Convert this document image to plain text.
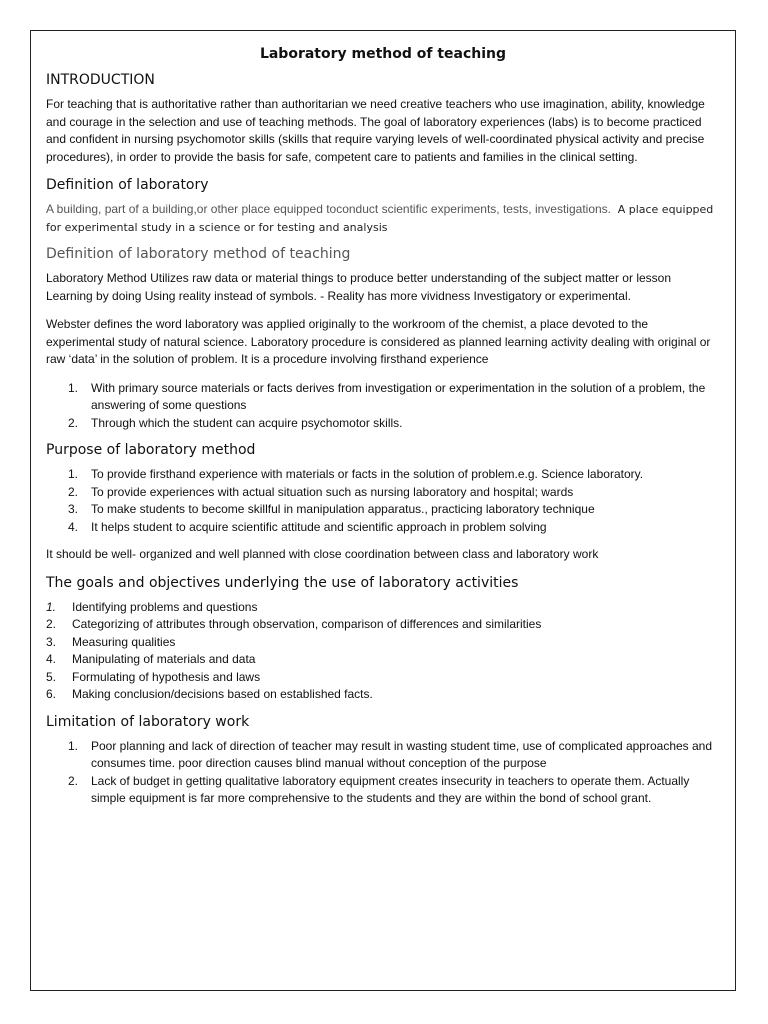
Laboratory method of teaching
INTRODUCTION

For teaching that is authoritative rather than authoritarian we need creative teachers who use imagination, ability, knowledge and courage in the selection and use of teaching methods. The goal of laboratory experiences (labs) is to become practiced and confident in nursing psychomotor skills (skills that require varying levels of well-coordinated physical activity and precise procedures), in order to provide the basis for safe, competent care to patients and families in the clinical setting.

Definition of laboratory

A building, part of a building,or other place equipped toconduct scientific experiments, tests, investigations. A place equipped for experimental study in a science or for testing and analysis

Definition of laboratory method of teaching

Laboratory Method Utilizes raw data or material things to produce better understanding of the subject matter or lesson Learning by doing Using reality instead of symbols. - Reality has more vividness Investigatory or experimental.

Webster defines the word laboratory was applied originally to the workroom of the chemist, a place devoted to the experimental study of natural science. Laboratory procedure is considered as planned learning activity dealing with original or raw ‘data’ in the solution of problem. It is a procedure involving firsthand experience

1. With primary source materials or facts derives from investigation or experimentation in the solution of a problem, the answering of some questions
2. Through which the student can acquire psychomotor skills.
Purpose of laboratory method
1. To provide firsthand experience with materials or facts in the solution of problem.e.g. Science laboratory.
2. To provide experiences with actual situation such as nursing laboratory and hospital; wards
3. To make students to become skillful in manipulation apparatus., practicing laboratory technique
4. It helps student to acquire scientific attitude and scientific approach in problem solving

It should be well- organized and well planned with close coordination between class and laboratory work

The goals and objectives underlying the use of laboratory activities
1. Identifying problems and questions
2. Categorizing of attributes through observation, comparison of differences and similarities
3. Measuring qualities
4. Manipulating of materials and data
5. Formulating of hypothesis and laws
6. Making conclusion/decisions based on established facts.
Limitation of laboratory work
1. Poor planning and lack of direction of teacher may result in wasting student time, use of complicated approaches and consumes time. poor direction causes blind manual without conception of the purpose
2. Lack of budget in getting qualitative laboratory equipment creates insecurity in teachers to operate them. Actually simple equipment is far more comprehensive to the students and they are within the bond of school grant.
